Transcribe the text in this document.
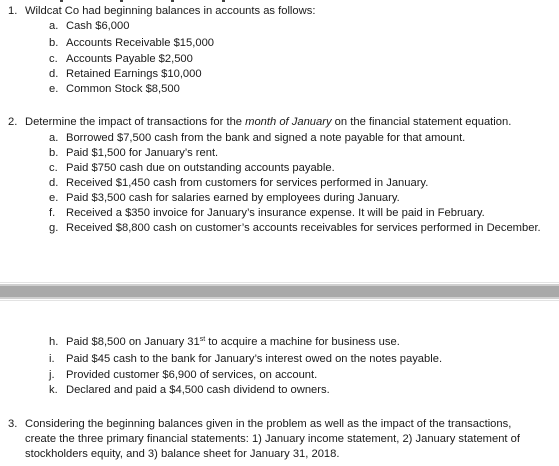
1. Wildcat Co had beginning balances in accounts as follows:
a. Cash $6,000
b. Accounts Receivable $15,000
c. Accounts Payable $2,500
d. Retained Earnings $10,000
e. Common Stock $8,500
2. Determine the impact of transactions for the month of January on the financial statement equation.
a. Borrowed $7,500 cash from the bank and signed a note payable for that amount.
b. Paid $1,500 for January’s rent.
c. Paid $750 cash due on outstanding accounts payable.
d. Received $1,450 cash from customers for services performed in January.
e. Paid $3,500 cash for salaries earned by employees during January.
f. Received a $350 invoice for January’s insurance expense. It will be paid in February.
g. Received $8,800 cash on customer’s accounts receivables for services performed in December.
h. Paid $8,500 on January 31st to acquire a machine for business use.
i. Paid $45 cash to the bank for January’s interest owed on the notes payable.
j. Provided customer $6,900 of services, on account.
k. Declared and paid a $4,500 cash dividend to owners.
3. Considering the beginning balances given in the problem as well as the impact of the transactions,
create the three primary financial statements: 1) January income statement, 2) January statement of
stockholders equity, and 3) balance sheet for January 31, 2018.
